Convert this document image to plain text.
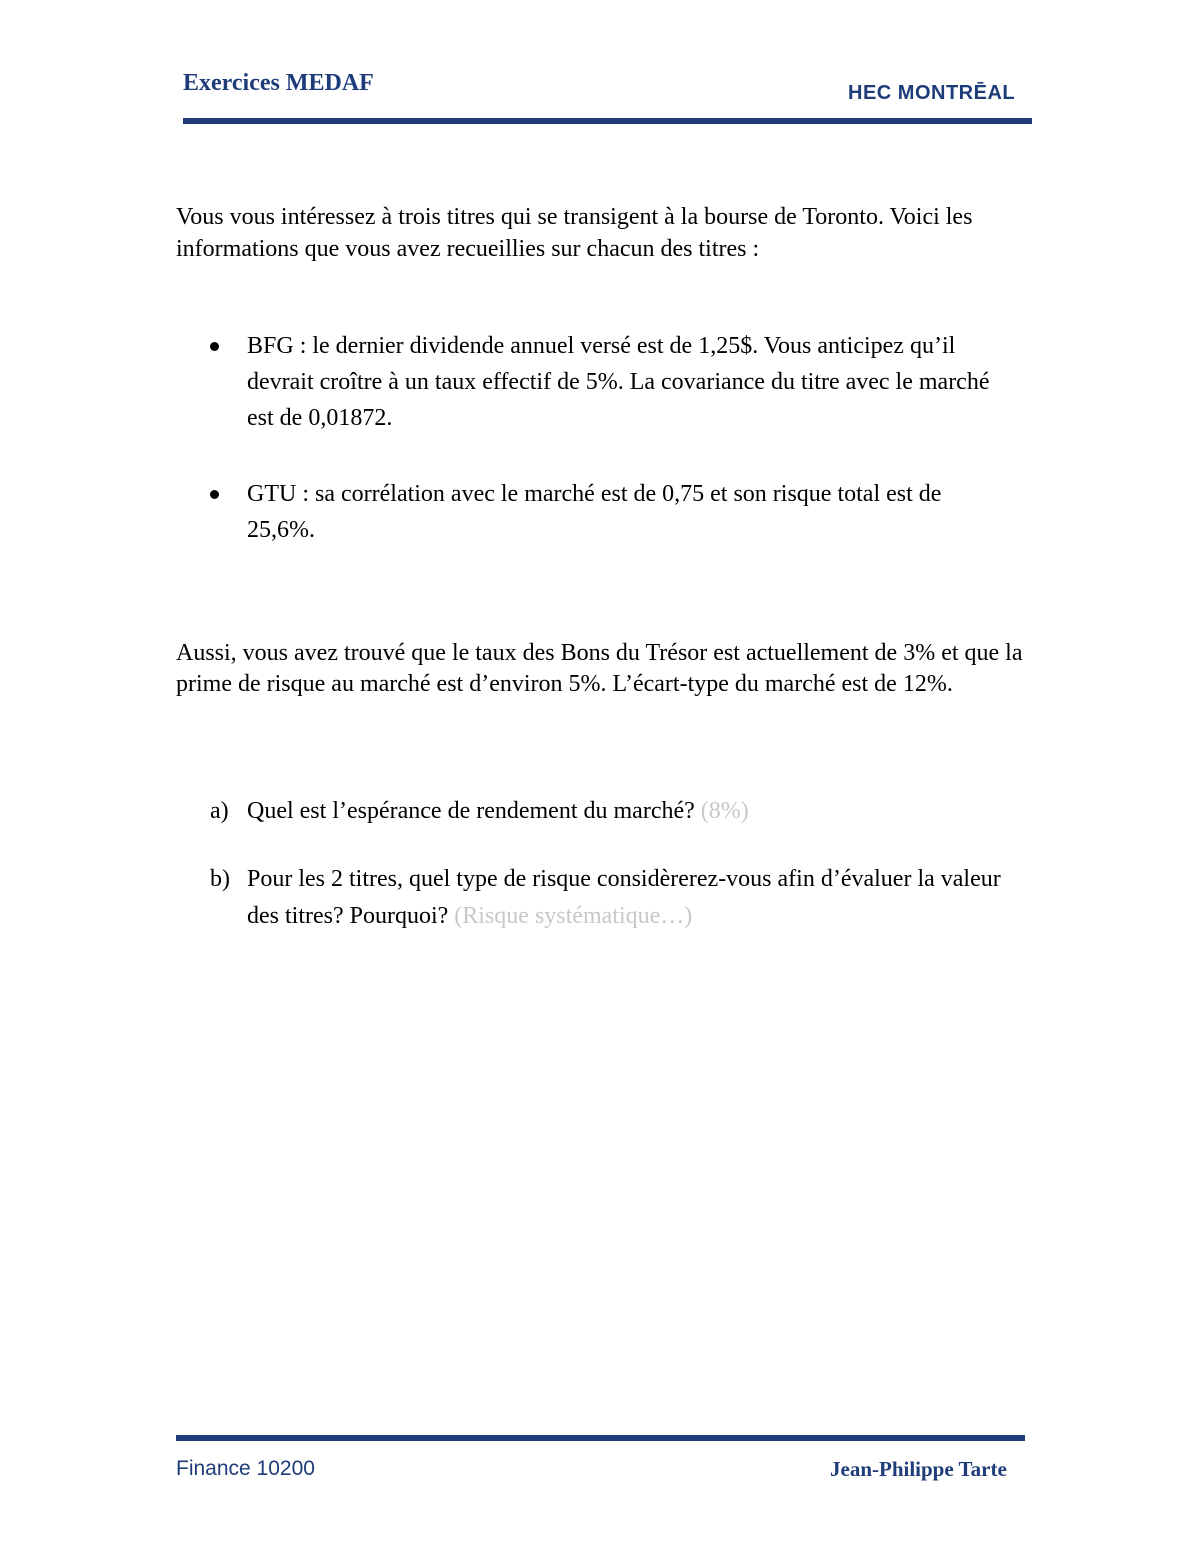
Exercices MEDAF	HEC MONTRĒAL
Vous vous intéressez à trois titres qui se transigent à la bourse de Toronto. Voici les informations que vous avez recueillies sur chacun des titres :
BFG : le dernier dividende annuel versé est de 1,25$. Vous anticipez qu’il devrait croître à un taux effectif de 5%. La covariance du titre avec le marché est de 0,01872.
GTU : sa corrélation avec le marché est de 0,75 et son risque total est de 25,6%.
Aussi, vous avez trouvé que le taux des Bons du Trésor est actuellement de 3% et que la prime de risque au marché est d’environ 5%. L’écart-type du marché est de 12%.
a) Quel est l’espérance de rendement du marché? (8%)
b) Pour les 2 titres, quel type de risque considèrerez-vous afin d’évaluer la valeur des titres? Pourquoi? (Risque systématique…)
Finance 10200	Jean-Philippe Tarte
